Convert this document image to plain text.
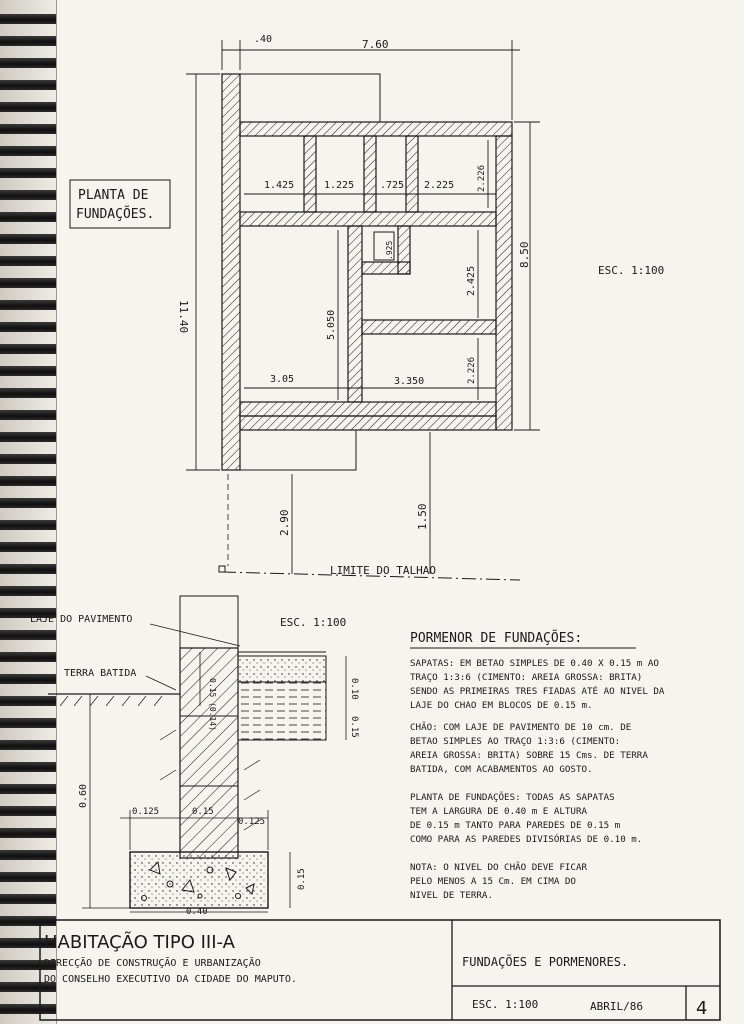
PLANTA DE
FUNDAÇÕES.
ESC. 1:100
.40	7.60
11.40
8.50
1.425	1.225	.725 2.225	2.226
.925
2.425
5.050
2.226
3.05	3.350
2.90	1.50
LIMITE DO TALHAO
ESC. 1:100
LAJE DO PAVIMENTO
TERRA BATIDA
0.15 (0.14)	0.10
0.15
0.60
0.125	0.15
0.125
0.15
0.40
PORMENOR DE FUNDAÇÕES:
SAPATAS: EM BETAO SIMPLES DE 0.40 X 0.15 m AO
TRAÇO 1:3:6 (CIMENTO: AREIA GROSSA: BRITA)
SENDO AS PRIMEIRAS TRES FIADAS ATÉ AO NIVEL DA
LAJE DO CHAO EM BLOCOS DE 0.15 m.
CHÃO: COM LAJE DE PAVIMENTO DE 10 cm. DE
BETAO SIMPLES AO TRAÇO 1:3:6 (CIMENTO:
AREIA GROSSA: BRITA) SOBRE 15 Cms. DE TERRA
BATIDA, COM ACABAMENTOS AO GOSTO.
PLANTA DE FUNDAÇÕES: TODAS AS SAPATAS
TEM A LARGURA DE 0.40 m E ALTURA
DE 0.15 m TANTO PARA PAREDES DE 0.15 m
COMO PARA AS PAREDES DIVISÓRIAS DE 0.10 m.
NOTA: O NIVEL DO CHÃO DEVE FICAR
PELO MENOS A 15 Cm. EM CIMA DO
NIVEL DE TERRA.
HABITAÇÃO TIPO III-A
DIRECÇÃO DE CONSTRUÇÃO E URBANIZAÇÃO
DO CONSELHO EXECUTIVO DA CIDADE DO MAPUTO.
FUNDAÇÕES E PORMENORES.
ESC. 1:100	ABRIL/86	4
